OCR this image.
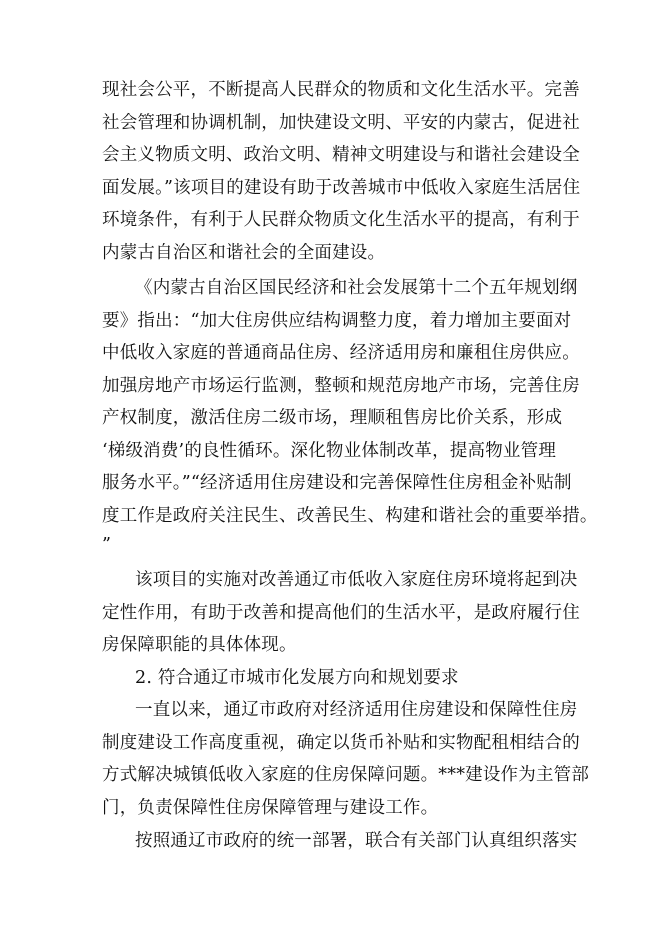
现社会公平，不断提高人民群众的物质和文化生活水平。完善
社会管理和协调机制，加快建设文明、平安的内蒙古，促进社
会主义物质文明、政治文明、精神文明建设与和谐社会建设全
面发展。”该项目的建设有助于改善城市中低收入家庭生活居住
环境条件，有利于人民群众物质文化生活水平的提高，有利于
内蒙古自治区和谐社会的全面建设。
《内蒙古自治区国民经济和社会发展第十二个五年规划纲
要》指出：“加大住房供应结构调整力度，着力增加主要面对
中低收入家庭的普通商品住房、经济适用房和廉租住房供应。
加强房地产市场运行监测，整顿和规范房地产市场，完善住房
产权制度，激活住房二级市场，理顺租售房比价关系，形成
‘梯级消费’的良性循环。深化物业体制改革，提高物业管理
服务水平。”“经济适用住房建设和完善保障性住房租金补贴制
度工作是政府关注民生、改善民生、构建和谐社会的重要举措。
”
该项目的实施对改善通辽市低收入家庭住房环境将起到决
定性作用，有助于改善和提高他们的生活水平，是政府履行住
房保障职能的具体体现。
2. 符合通辽市城市化发展方向和规划要求
一直以来，通辽市政府对经济适用住房建设和保障性住房
制度建设工作高度重视，确定以货币补贴和实物配租相结合的
方式解决城镇低收入家庭的住房保障问题。***建设作为主管部
门，负责保障性住房保障管理与建设工作。
按照通辽市政府的统一部署，联合有关部门认真组织落实
